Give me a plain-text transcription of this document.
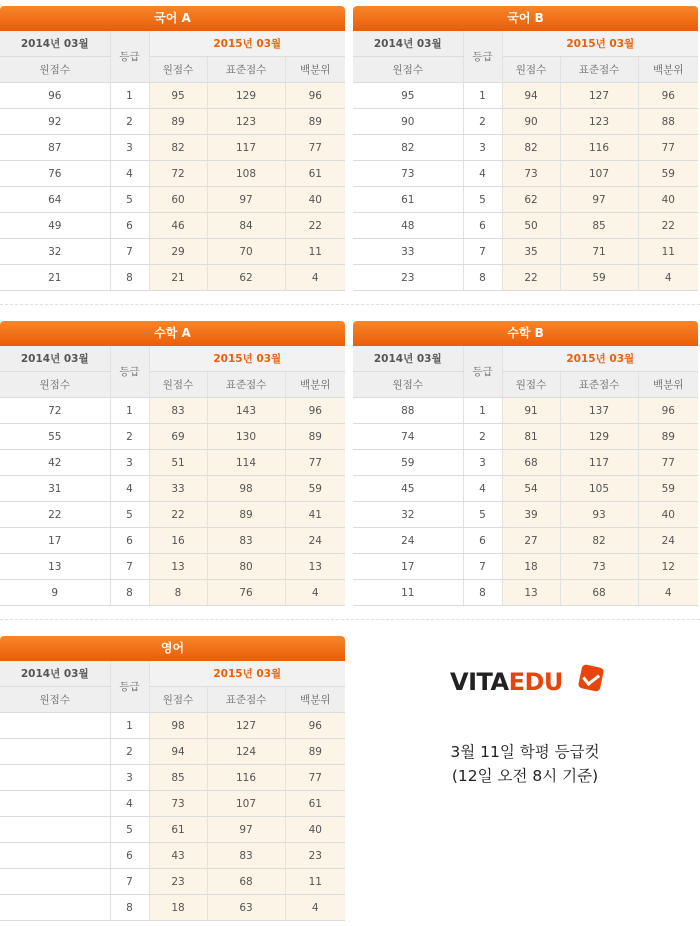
국어 A
2014년 03월	등급	2015년 03월		
원점수		원점수	표준점수	백분위
96	1	95	129	96
92	2	89	123	89
87	3	82	117	77
76	4	72	108	61
64	5	60	97	40
49	6	46	84	22
32	7	29	70	11
21	8	21	62	4
국어 B
2014년 03월	등급	2015년 03월		
원점수		원점수	표준점수	백분위
95	1	94	127	96
90	2	90	123	88
82	3	82	116	77
73	4	73	107	59
61	5	62	97	40
48	6	50	85	22
33	7	35	71	11
23	8	22	59	4
수학 A
2014년 03월	등급	2015년 03월		
원점수		원점수	표준점수	백분위
72	1	83	143	96
55	2	69	130	89
42	3	51	114	77
31	4	33	98	59
22	5	22	89	41
17	6	16	83	24
13	7	13	80	13
9	8	8	76	4
수학 B
2014년 03월	등급	2015년 03월		
원점수		원점수	표준점수	백분위
88	1	91	137	96
74	2	81	129	89
59	3	68	117	77
45	4	54	105	59
32	5	39	93	40
24	6	27	82	24
17	7	18	73	12
11	8	13	68	4
영어
2014년 03월	등급	2015년 03월		
원점수		원점수	표준점수	백분위
	1	98	127	96
	2	94	124	89
	3	85	116	77
	4	73	107	61
	5	61	97	40
	6	43	83	23
	7	23	68	11
	8	18	63	4
VITAEDU
3월 11일 학평 등급컷
(12일 오전 8시 기준)
